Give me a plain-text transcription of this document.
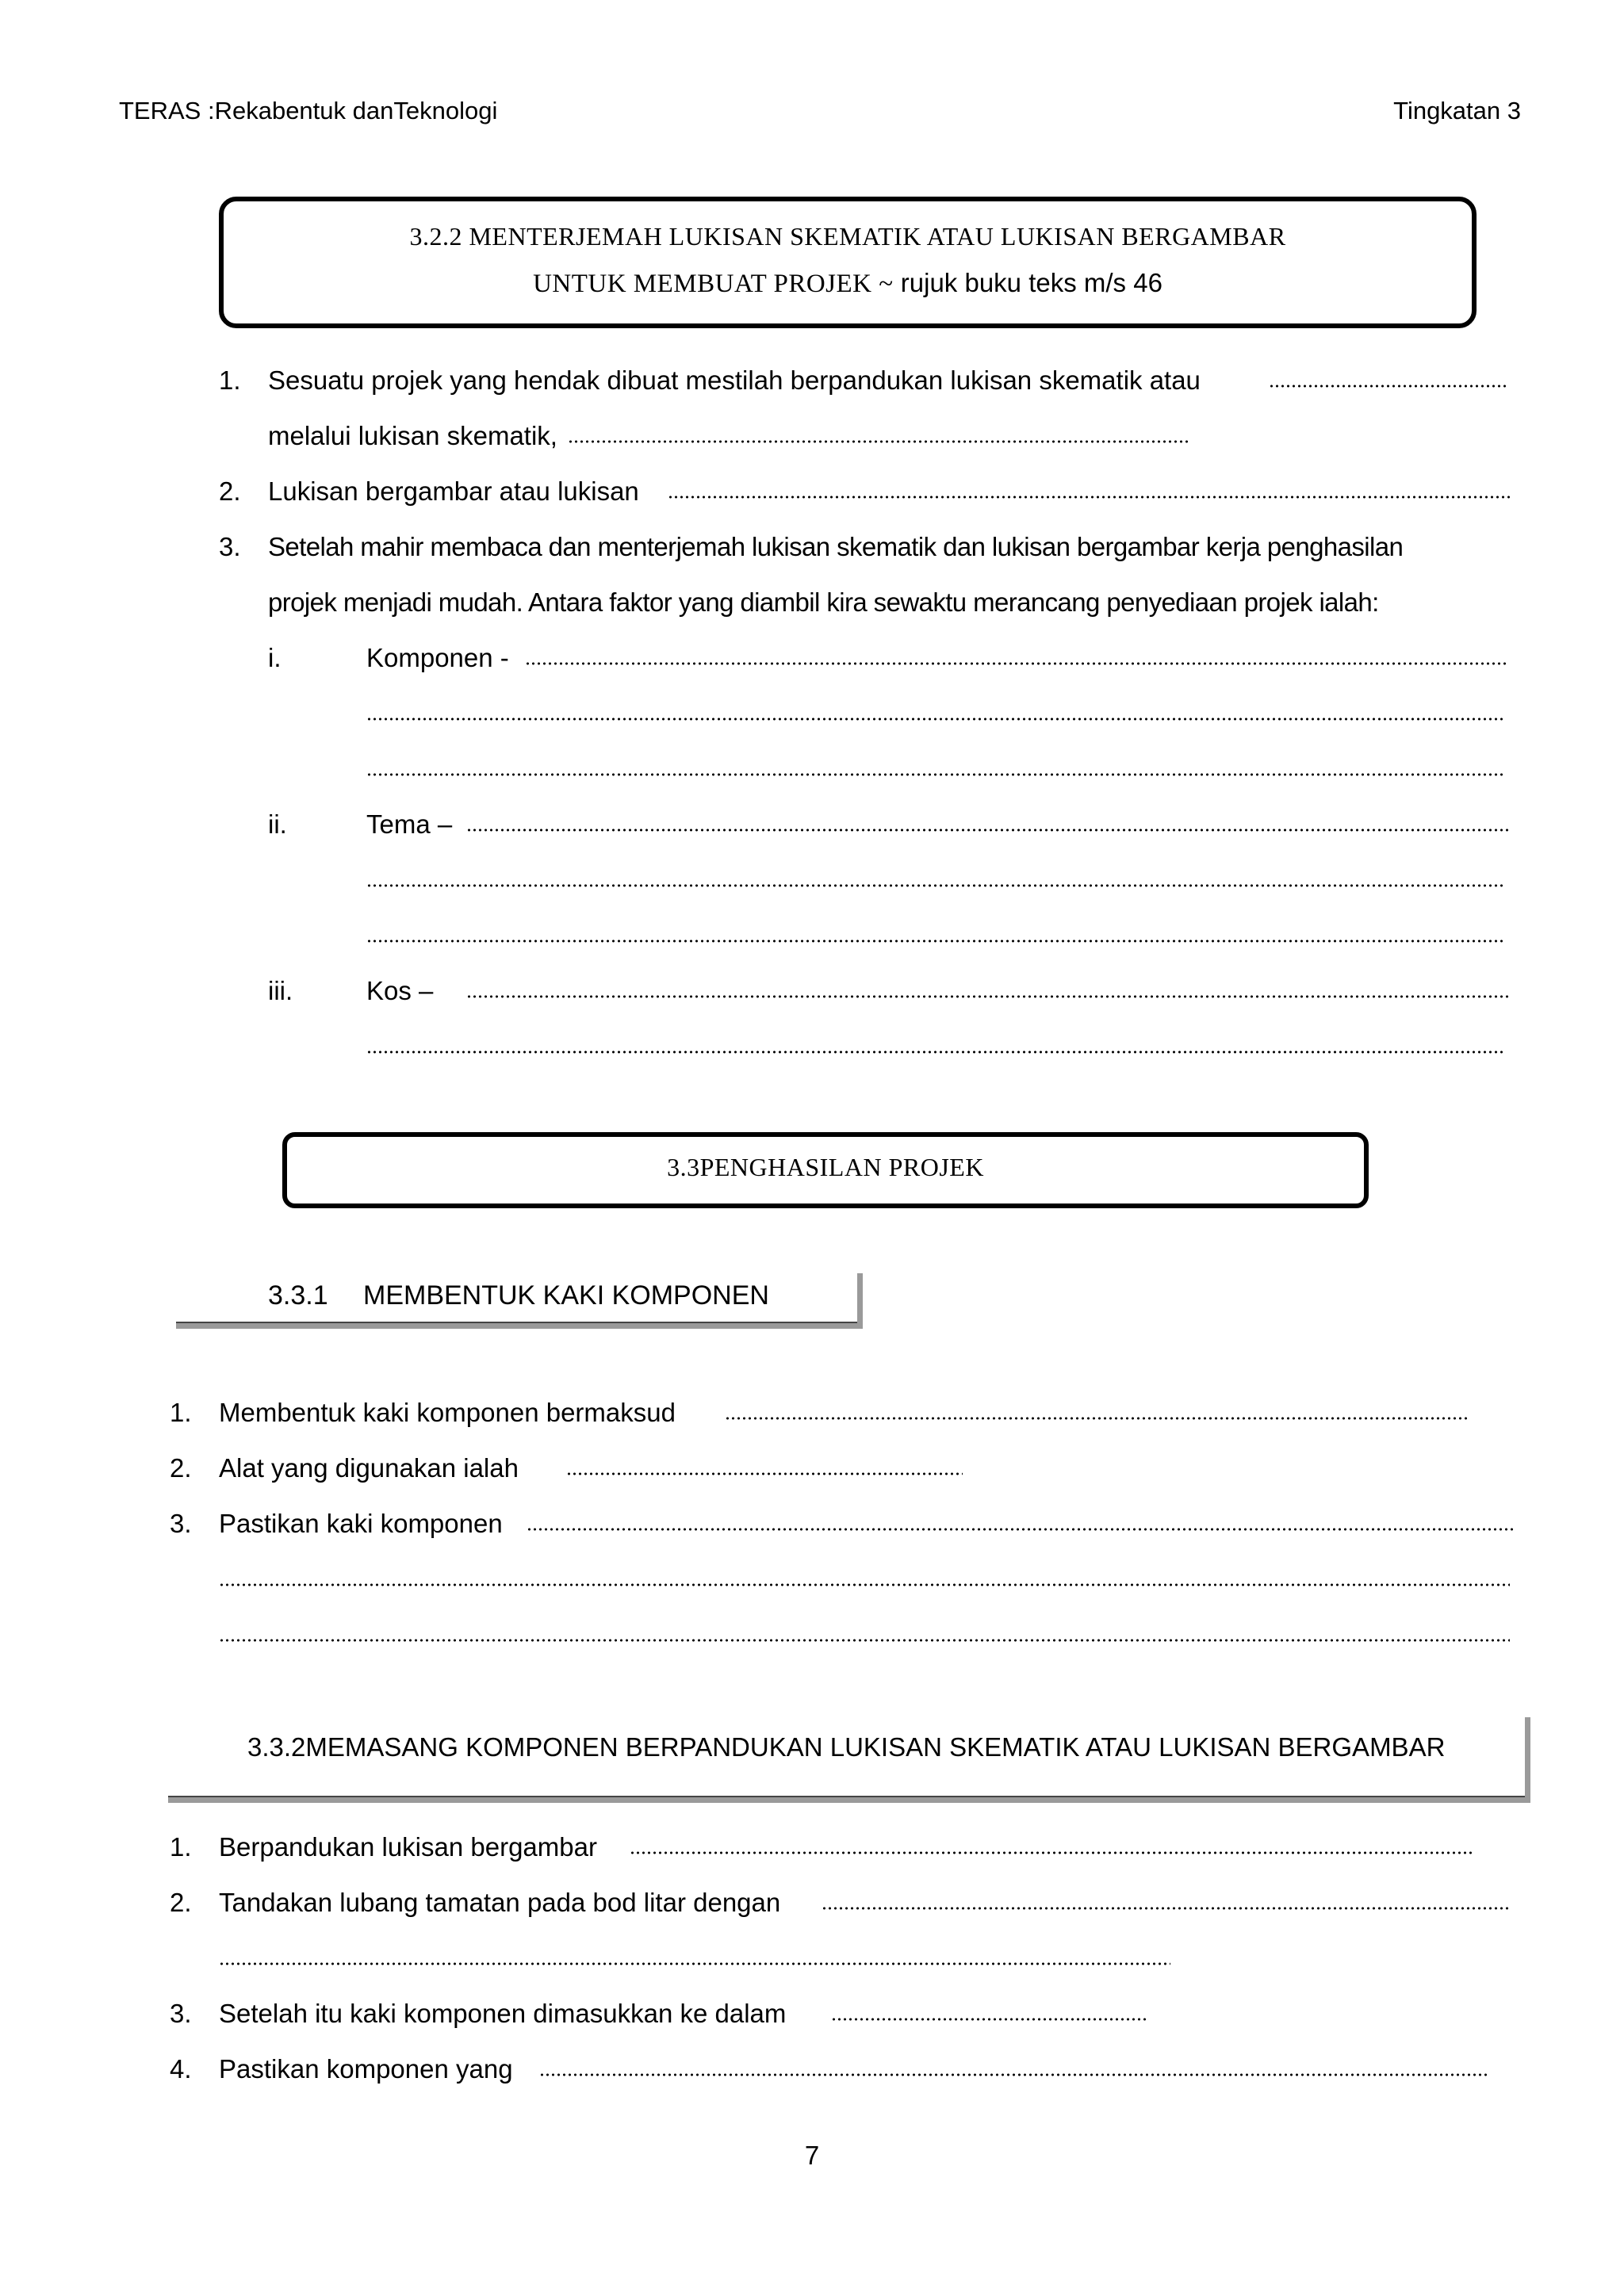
TERAS :Rekabentuk danTeknologi	Tingkatan 3
3.2.2 MENTERJEMAH LUKISAN SKEMATIK ATAU LUKISAN BERGAMBAR
UNTUK MEMBUAT PROJEK ~ rujuk buku teks m/s 46
1. Sesuatu projek yang hendak dibuat mestilah berpandukan lukisan skematik atau
melalui lukisan skematik,
2. Lukisan bergambar atau lukisan
3. Setelah mahir membaca dan menterjemah lukisan skematik dan lukisan bergambar kerja penghasilan
projek menjadi mudah. Antara faktor yang diambil kira sewaktu merancang penyediaan projek ialah:
i.	Komponen -
ii.	Tema –
iii.	Kos –
3.3PENGHASILAN PROJEK
3.3.1 MEMBENTUK KAKI KOMPONEN
1. Membentuk kaki komponen bermaksud
2. Alat yang digunakan ialah
3. Pastikan kaki komponen
3.3.2MEMASANG KOMPONEN BERPANDUKAN LUKISAN SKEMATIK ATAU LUKISAN BERGAMBAR
1. Berpandukan lukisan bergambar
2. Tandakan lubang tamatan pada bod litar dengan
3. Setelah itu kaki komponen dimasukkan ke dalam
4. Pastikan komponen yang
7
